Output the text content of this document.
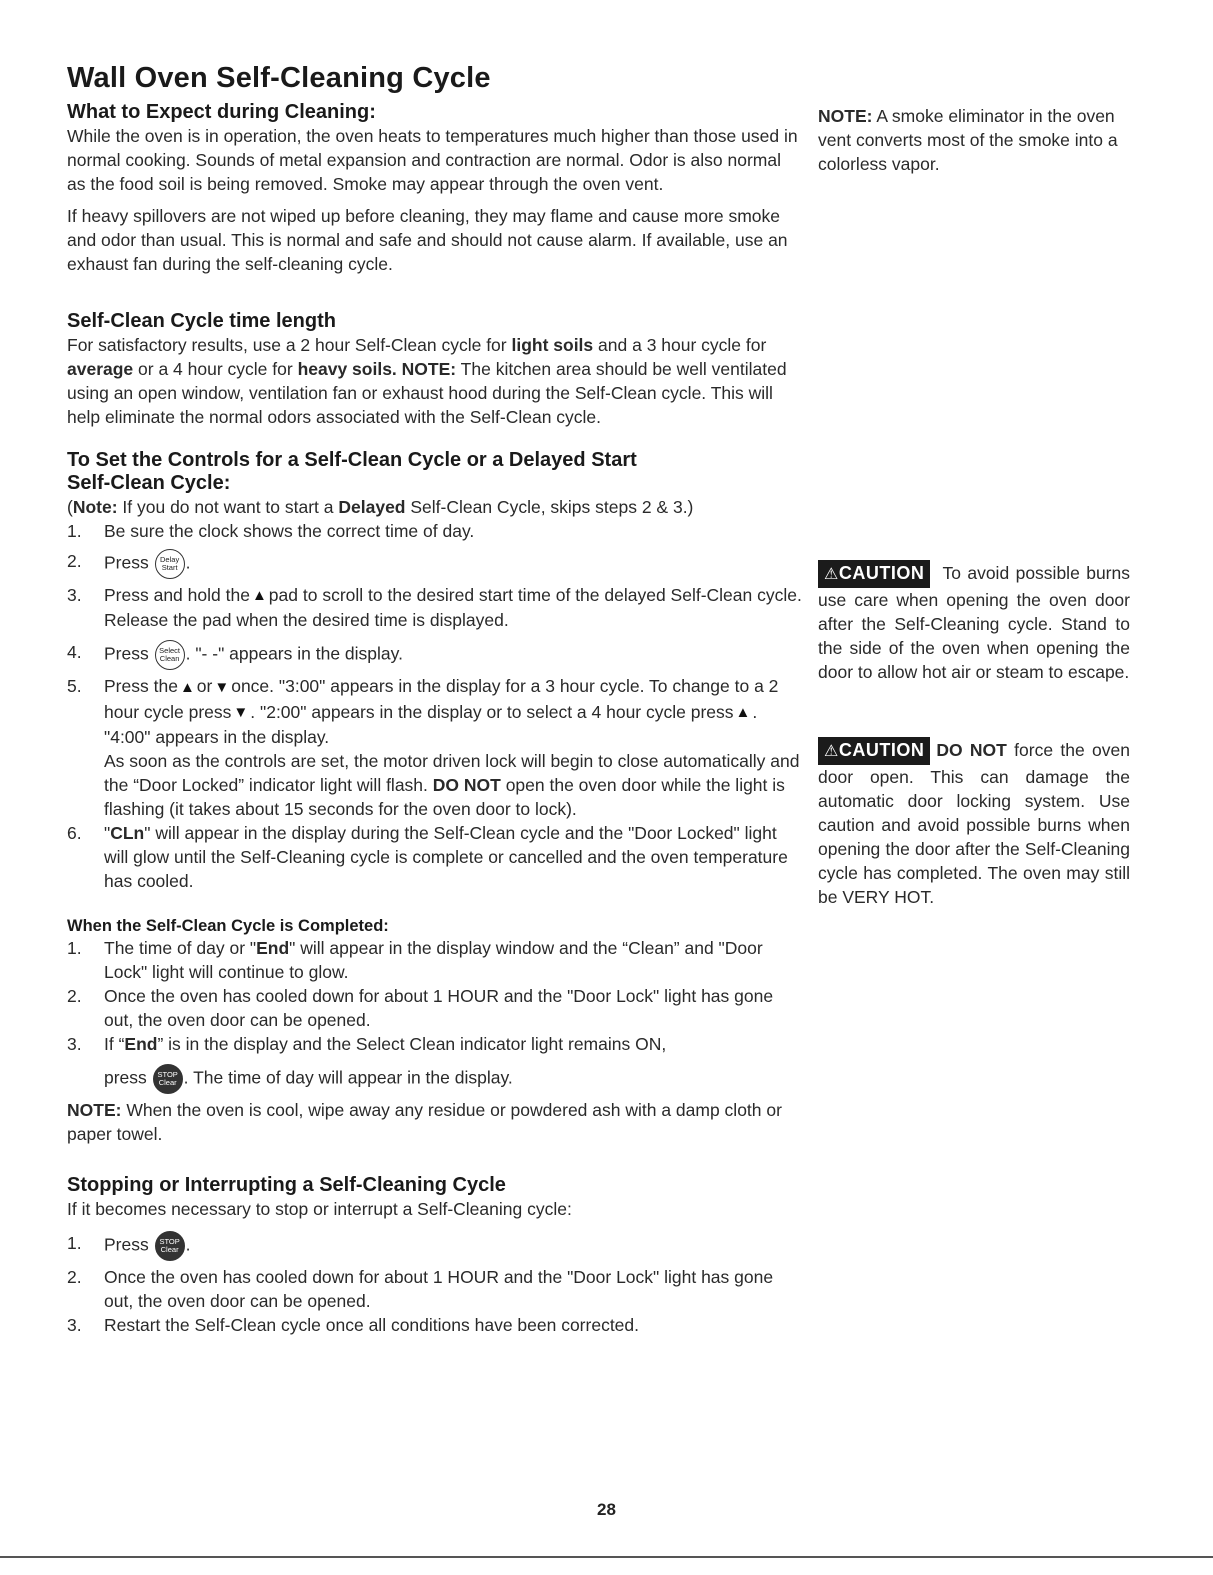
Wall Oven Self-Cleaning Cycle
What to Expect during Cleaning:

While the oven is in operation, the oven heats to temperatures much higher than those used in normal cooking. Sounds of metal expansion and contraction are normal. Odor is also normal as the food soil is being removed. Smoke may appear through the oven vent.

If heavy spillovers are not wiped up before cleaning, they may flame and cause more smoke and odor than usual. This is normal and safe and should not cause alarm. If available, use an exhaust fan during the self-cleaning cycle.

Self-Clean Cycle time length

For satisfactory results, use a 2 hour Self-Clean cycle for light soils and a 3 hour cycle for average or a 4 hour cycle for heavy soils. NOTE: The kitchen area should be well ventilated using an open window, ventilation fan or exhaust hood during the Self-Clean cycle. This will help eliminate the normal odors associated with the Self-Clean cycle.

To Set the Controls for a Self-Clean Cycle or a Delayed Start
Self-Clean Cycle:

(Note: If you do not want to start a Delayed Self-Clean Cycle, skips steps 2 & 3.)

1. Be sure the clock shows the correct time of day.
2. Press Delay
Start .
3. Press and hold the ▲ pad to scroll to the desired start time of the delayed Self-Clean cycle. Release the pad when the desired time is displayed.
4. Press Select
Clean . "- -" appears in the display.
5. Press the ▲ or ▼ once. "3:00" appears in the display for a 3 hour cycle. To change to a 2 hour cycle press ▼ . "2:00" appears in the display or to select a 4 hour cycle press ▲ . "4:00" appears in the display.
As soon as the controls are set, the motor driven lock will begin to close automatically and the “Door Locked” indicator light will flash. DO NOT open the oven door while the light is flashing (it takes about 15 seconds for the oven door to lock).
6. "CLn" will appear in the display during the Self-Clean cycle and the "Door Locked" light will glow until the Self-Cleaning cycle is complete or cancelled and the oven temperature has cooled.
When the Self-Clean Cycle is Completed:
1. The time of day or "End" will appear in the display window and the “Clean” and "Door Lock" light will continue to glow.
2. Once the oven has cooled down for about 1 HOUR and the "Door Lock" light has gone out, the oven door can be opened.
3. If “End” is in the display and the Select Clean indicator light remains ON,
press STOP
Clear . The time of day will appear in the display.

NOTE: When the oven is cool, wipe away any residue or powdered ash with a damp cloth or paper towel.

Stopping or Interrupting a Self-Cleaning Cycle

If it becomes necessary to stop or interrupt a Self-Cleaning cycle:

1. Press STOP
Clear .
2. Once the oven has cooled down for about 1 HOUR and the "Door Lock" light has gone out, the oven door can be opened.
3. Restart the Self-Clean cycle once all conditions have been corrected.

NOTE: A smoke eliminator in the oven vent converts most of the smoke into a colorless vapor.

⚠CAUTION To avoid possible burns use care when opening the oven door after the Self-Cleaning cycle. Stand to the side of the oven when opening the door to allow hot air or steam to escape.

⚠CAUTION DO NOT force the oven door open. This can damage the automatic door locking system. Use caution and avoid possible burns when opening the door after the Self-Cleaning cycle has completed. The oven may still be VERY HOT.

28
